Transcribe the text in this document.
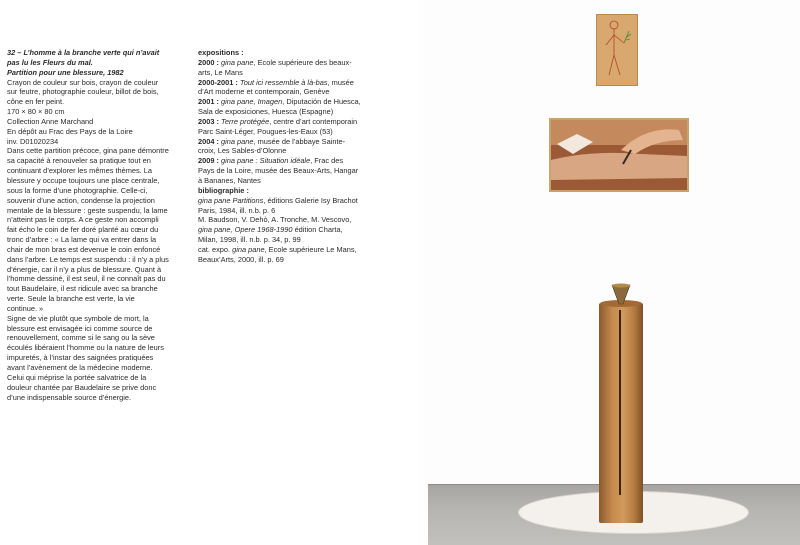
32 – L’homme à la branche verte qui n’avait
pas lu les Fleurs du mal.
Partition pour une blessure, 1982
Crayon de couleur sur bois, crayon de couleur
sur feutre, photographie couleur, billot de bois,
cône en fer peint.
170 × 80 × 80 cm
Collection Anne Marchand
En dépôt au Frac des Pays de la Loire
inv. D01020234
Dans cette partition précoce, gina pane démontre
sa capacité à renouveler sa pratique tout en
continuant d’explorer les mêmes thèmes. La
blessure y occupe toujours une place centrale,
sous la forme d’une photographie. Celle-ci,
souvenir d’une action, condense la projection
mentale de la blessure : geste suspendu, la lame
n’atteint pas le corps. A ce geste non accompli
fait écho le coin de fer doré planté au cœur du
tronc d’arbre : « La lame qui va entrer dans la
chair de mon bras est devenue le coin enfoncé
dans l’arbre. Le temps est suspendu : il n’y a plus
d’énergie, car il n’y a plus de blessure. Quant à
l’homme dessiné, il est seul, il ne connaît pas du
tout Baudelaire, il est ridicule avec sa branche
verte. Seule la branche est verte, la vie
continue. »
Signe de vie plutôt que symbole de mort, la
blessure est envisagée ici comme source de
renouvellement, comme si le sang ou la sève
écoulés libéraient l’homme ou la nature de leurs
impuretés, à l’instar des saignées pratiquées
avant l’avènement de la médecine moderne.
Celui qui méprise la portée salvatrice de la
douleur chantée par Baudelaire se prive donc
d’une indispensable source d’énergie.
expositions :
2000 : gina pane, Ecole supérieure des beaux-
arts, Le Mans
2000-2001 : Tout ici ressemble à là-bas, musée
d’Art moderne et contemporain, Genève
2001 : gina pane, Imagen, Diputación de Huesca,
Sala de exposiciones, Huesca (Espagne)
2003 : Terre protégée, centre d’art contemporain
Parc Saint-Léger, Pougues-les-Eaux (53)
2004 : gina pane, musée de l’abbaye Sainte-
croix, Les Sables-d’Olonne
2009 : gina pane : Situation idéale, Frac des
Pays de la Loire, musée des Beaux-Arts, Hangar
à Bananes, Nantes
bibliographie :
gina pane Partitions, éditions Galerie Isy Brachot
Paris, 1984, ill. n.b. p. 6
M. Baudson, V. Dehò, A. Tronche, M. Vescovo,
gina pane, Opere 1968-1990 édition Charta,
Milan, 1998, ill. n.b. p. 34, p. 99
cat. expo. gina pane, Ecole supérieure Le Mans,
Beaux’Arts, 2000, ill. p. 69
